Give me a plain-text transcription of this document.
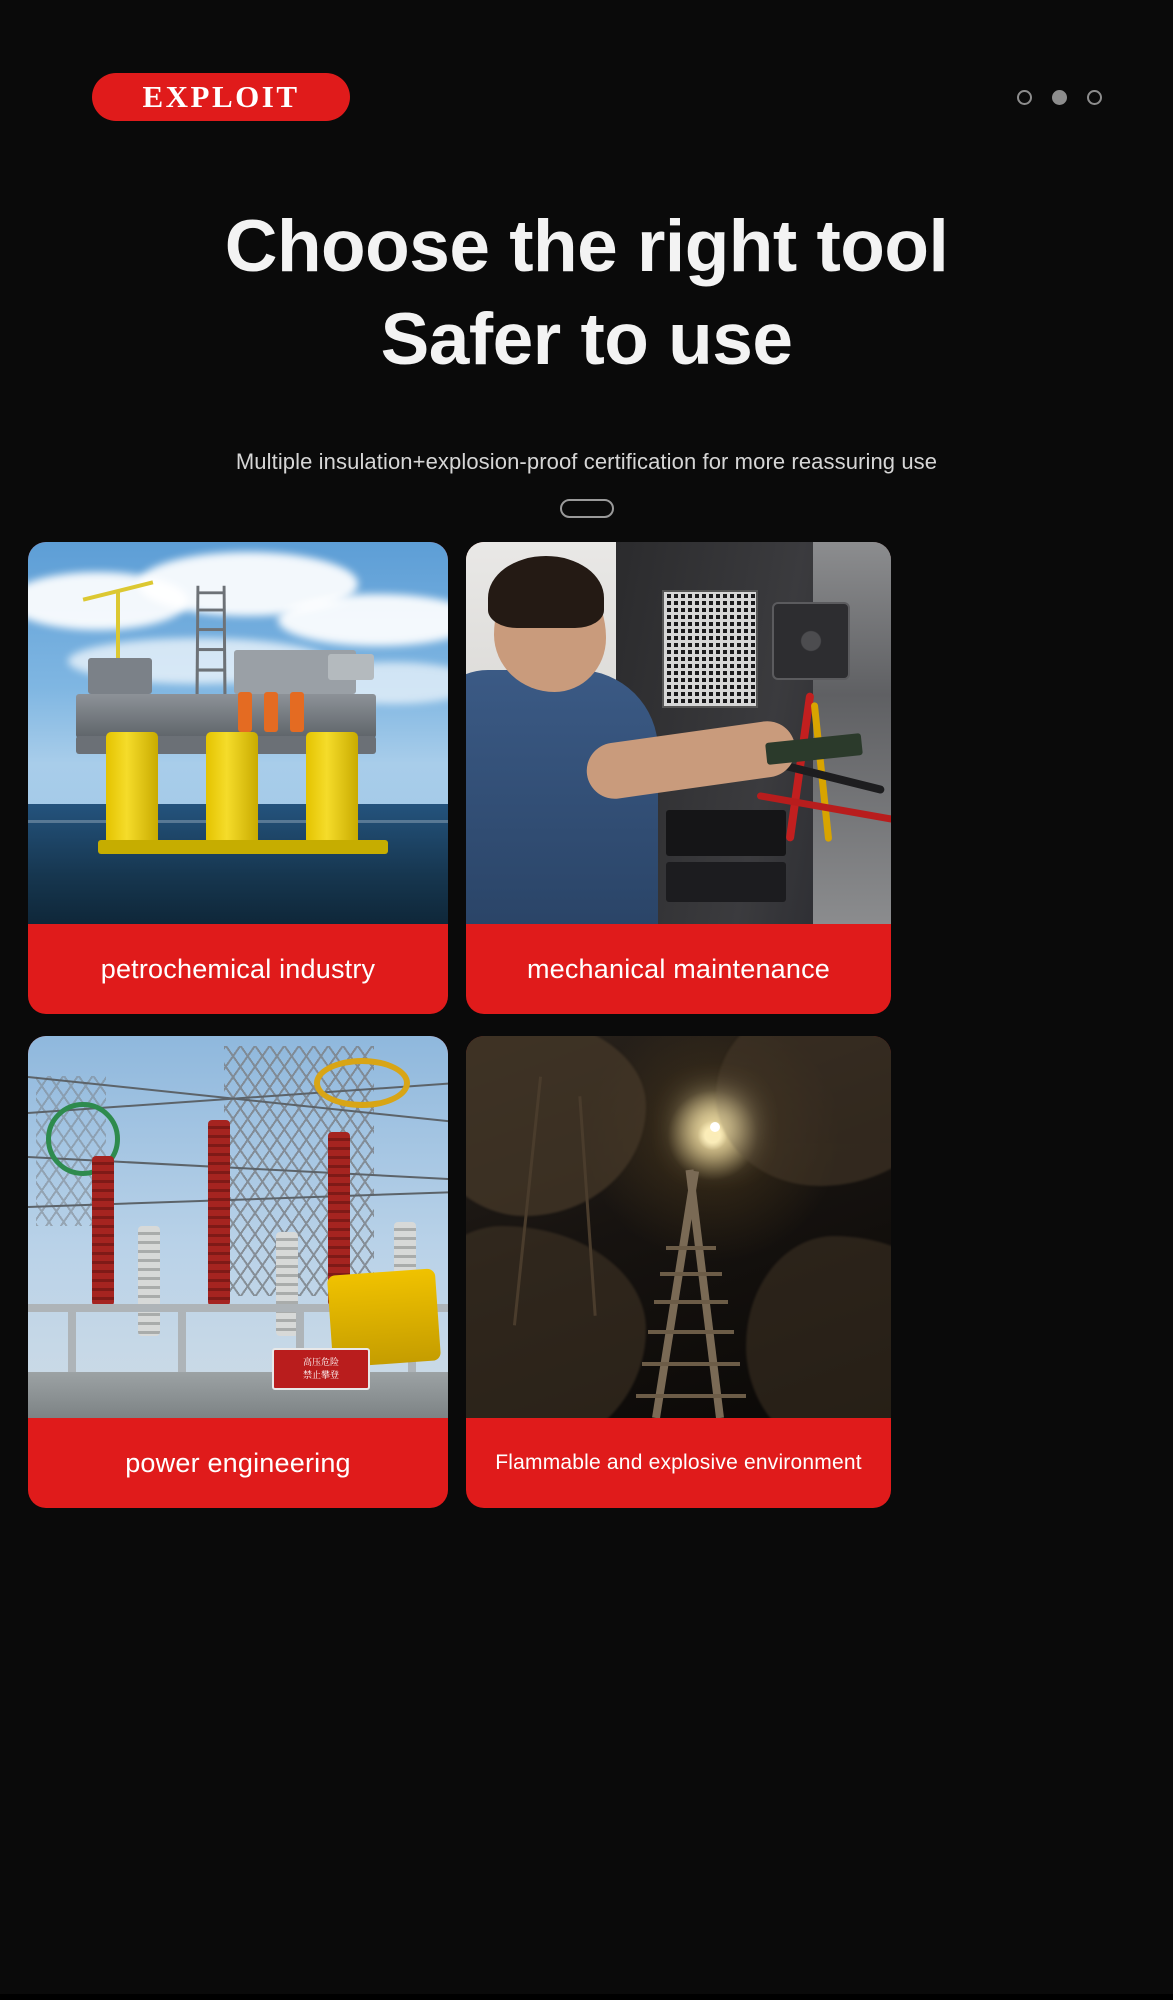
EXPLOIT
Choose the right tool
Safer to use
Multiple insulation+explosion-proof certification for more reassuring use
petrochemical industry	mechanical maintenance
高压危险
禁止攀登
power engineering	Flammable and explosive environment
